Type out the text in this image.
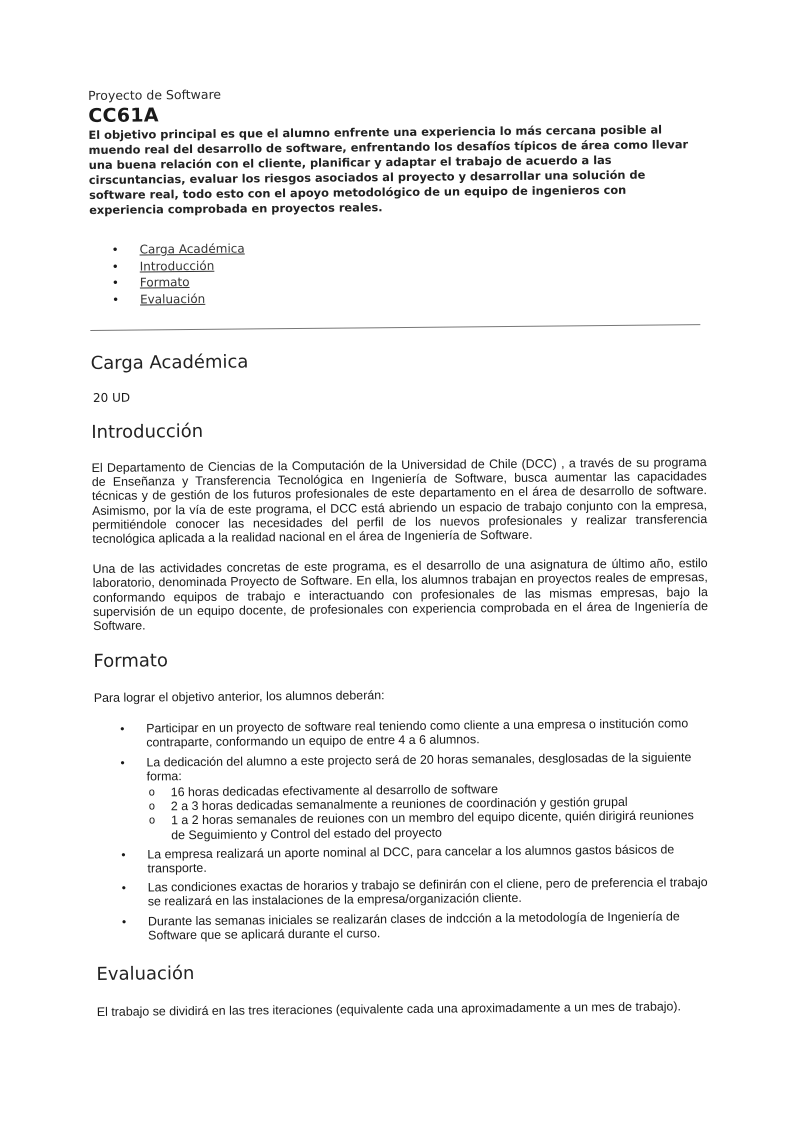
Proyecto de Software

CC61A

El objetivo principal es que el alumno enfrente una experiencia lo más cercana posible al muendo real del desarrollo de software, enfrentando los desafíos típicos de área como llevar una buena relación con el cliente, planificar y adaptar el trabajo de acuerdo a las cirscuntancias, evaluar los riesgos asociados al proyecto y desarrollar una solución de software real, todo esto con el apoyo metodológico de un equipo de ingenieros con experiencia comprobada en proyectos reales.

• Carga Académica
• Introducción
• Formato
• Evaluación
Carga Académica

20 UD

Introducción

El Departamento de Ciencias de la Computación de la Universidad de Chile (DCC) , a través de su programa de Enseñanza y Transferencia Tecnológica en Ingeniería de Software, busca aumentar las capacidades técnicas y de gestión de los futuros profesionales de este departamento en el área de desarrollo de software. Asimismo, por la vía de este programa, el DCC está abriendo un espacio de trabajo conjunto con la empresa, permitiéndole conocer las necesidades del perfil de los nuevos profesionales y realizar transferencia tecnológica aplicada a la realidad nacional en el área de Ingeniería de Software.

Una de las actividades concretas de este programa, es el desarrollo de una asignatura de último año, estilo laboratorio, denominada Proyecto de Software. En ella, los alumnos trabajan en proyectos reales de empresas, conformando equipos de trabajo e interactuando con profesionales de las mismas empresas, bajo la supervisión de un equipo docente, de profesionales con experiencia comprobada en el área de Ingeniería de Software.

Formato

Para lograr el objetivo anterior, los alumnos deberán:

• Participar en un proyecto de software real teniendo como cliente a una empresa o institución como contraparte, conformando un equipo de entre 4 a 6 alumnos.
• La dedicación del alumno a este projecto será de 20 horas semanales, desglosadas de la siguiente forma:
o 16 horas dedicadas efectivamente al desarrollo de software
o 2 a 3 horas dedicadas semanalmente a reuniones de coordinación y gestión grupal
o 1 a 2 horas semanales de reuiones con un membro del equipo dicente, quién dirigirá reuniones de Seguimiento y Control del estado del proyecto
• La empresa realizará un aporte nominal al DCC, para cancelar a los alumnos gastos básicos de transporte.
• Las condiciones exactas de horarios y trabajo se definirán con el cliene, pero de preferencia el trabajo se realizará en las instalaciones de la empresa/organización cliente.
• Durante las semanas iniciales se realizarán clases de indcción a la metodología de Ingeniería de Software que se aplicará durante el curso.
Evaluación

El trabajo se dividirá en las tres iteraciones (equivalente cada una aproximadamente a un mes de trabajo).
